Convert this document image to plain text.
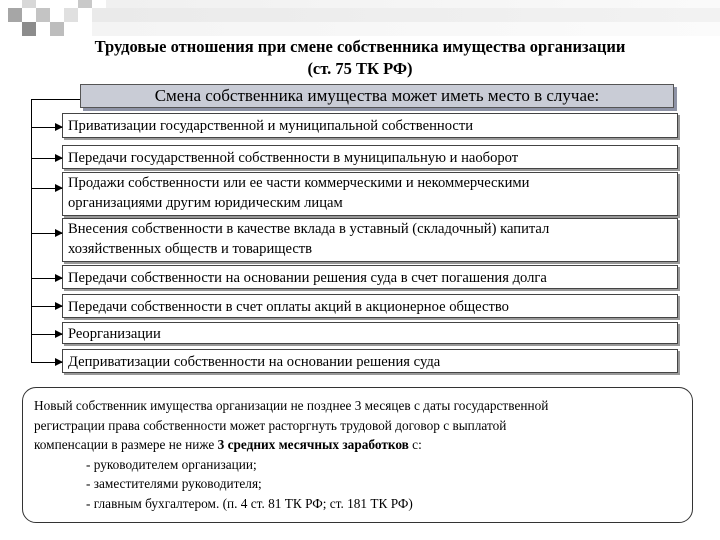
Трудовые отношения при смене собственника имущества организации
(ст. 75 ТК РФ)
Смена собственника имущества может иметь место в случае:
Приватизации государственной и муниципальной собственности
Передачи государственной собственности в муниципальную и наоборот
Продажи собственности или ее части коммерческими и некоммерческими
организациями другим юридическим лицам
Внесения собственности в качестве вклада в уставный (складочный) капитал
хозяйственных обществ и товариществ
Передачи собственности на основании решения суда в счет погашения долга
Передачи собственности в счет оплаты акций в акционерное общество
Реорганизации
Деприватизации собственности на основании решения суда
Новый собственник имущества организации не позднее 3 месяцев с даты государственной
регистрации права собственности может расторгнуть трудовой договор с выплатой
компенсации в размере не ниже 3 средних месячных заработков с:
- руководителем организации;
- заместителями руководителя;
- главным бухгалтером. (п. 4 ст. 81 ТК РФ; ст. 181 ТК РФ)
